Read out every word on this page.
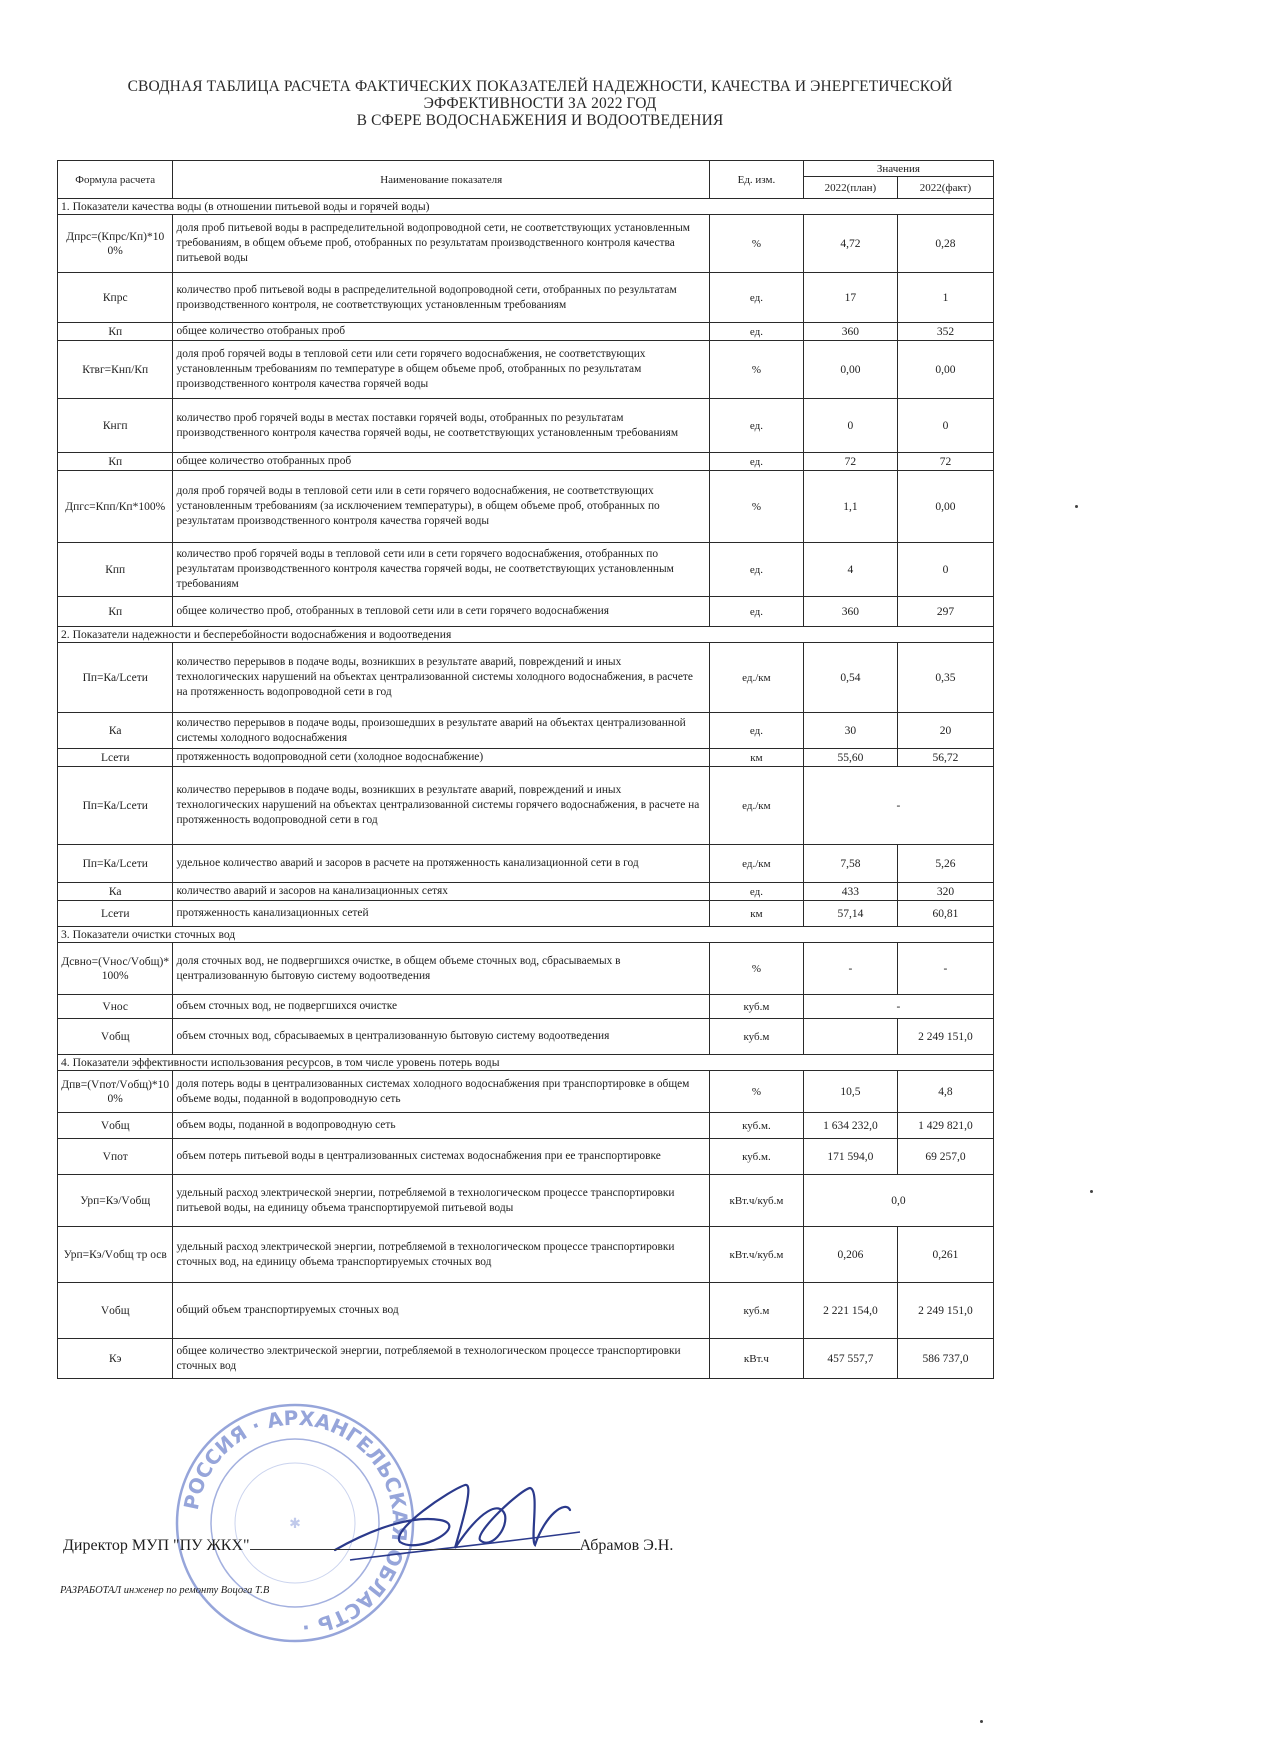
СВОДНАЯ ТАБЛИЦА РАСЧЕТА ФАКТИЧЕСКИХ ПОКАЗАТЕЛЕЙ НАДЕЖНОСТИ, КАЧЕСТВА И ЭНЕРГЕТИЧЕСКОЙ
ЭФФЕКТИВНОСТИ ЗА 2022 ГОД
В СФЕРЕ ВОДОСНАБЖЕНИЯ И ВОДООТВЕДЕНИЯ
Формула расчета	Наименование показателя	Ед. изм.	Значения	
			2022(план)	2022(факт)
1. Показатели качества воды (в отношении питьевой воды и горячей воды)				
Дпрс=(Кпрс/Кп)*100%	доля проб питьевой воды в распределительной водопроводной сети, не соответствующих установленным требованиям, в общем объеме проб, отобранных по результатам производственного контроля качества питьевой воды	%	4,72	0,28
Кпрс	количество проб питьевой воды в распределительной водопроводной сети, отобранных по результатам производственного контроля, не соответствующих установленным требованиям	ед.	17	1
Кп	общее количество отобраных проб	ед.	360	352
Ктвг=Кнп/Кп	доля проб горячей воды в тепловой сети или сети горячего водоснабжения, не соответствующих установленным требованиям по температуре в общем объеме проб, отобранных по результатам производственного контроля качества горячей воды	%	0,00	0,00
Кнгп	количество проб горячей воды в местах поставки горячей воды, отобранных по результатам производственного контроля качества горячей воды, не соответствующих установленным требованиям	ед.	0	0
Кп	общее количество отобранных проб	ед.	72	72
Дпгс=Кпп/Кп*100%	доля проб горячей воды в тепловой сети или в сети горячего водоснабжения, не соответствующих установленным требованиям (за исключением температуры), в общем объеме проб, отобранных по результатам производственного контроля качества горячей воды	%	1,1	0,00
Кпп	количество проб горячей воды в тепловой сети или в сети горячего водоснабжения, отобранных по результатам производственного контроля качества горячей воды, не соответствующих установленным требованиям	ед.	4	0
Кп	общее количество проб, отобранных в тепловой сети или в сети горячего водоснабжения	ед.	360	297
2. Показатели надежности и бесперебойности водоснабжения и водоотведения				
Пп=Ка/Lсети	количество перерывов в подаче воды, возникших в результате аварий, повреждений и иных технологических нарушений на объектах централизованной системы холодного водоснабжения, в расчете на протяженность водопроводной сети в год	ед./км	0,54	0,35
Ка	количество перерывов в подаче воды, произошедших в результате аварий на объектах централизованной системы холодного водоснабжения	ед.	30	20
Lсети	протяженность водопроводной сети (холодное водоснабжение)	км	55,60	56,72
Пп=Ка/Lсети	количество перерывов в подаче воды, возникших в результате аварий, повреждений и иных технологических нарушений на объектах централизованной системы горячего водоснабжения, в расчете на протяженность водопроводной сети в год	ед./км	-	
Пп=Ка/Lсети	удельное количество аварий и засоров в расчете на протяженность канализационной сети в год	ед./км	7,58	5,26
Ка	количество аварий и засоров на канализационных сетях	ед.	433	320
Lсети	протяженность канализационных сетей	км	57,14	60,81
3. Показатели очистки сточных вод				
Дсвно=(Vнос/Vобщ)*100%	доля сточных вод, не подвергшихся очистке, в общем объеме сточных вод, сбрасываемых в централизованную бытовую систему водоотведения	%	-	-
Vнос	объем сточных вод, не подвергшихся очистке	куб.м	-	
Vобщ	объем сточных вод, сбрасываемых в централизованную бытовую систему водоотведения	куб.м		2 249 151,0
4. Показатели эффективности использования ресурсов, в том числе уровень потерь воды				
Дпв=(Vпот/Vобщ)*100%	доля потерь воды в централизованных системах холодного водоснабжения при транспортировке в общем объеме воды, поданной в водопроводную сеть	%	10,5	4,8
Vобщ	объем воды, поданной в водопроводную сеть	куб.м.	1 634 232,0	1 429 821,0
Vпот	объем потерь питьевой воды в централизованных системах водоснабжения при ее транспортировке	куб.м.	171 594,0	69 257,0
Урп=Кэ/Vобщ	удельный расход электрической энергии, потребляемой в технологическом процессе транспортировки питьевой воды, на единицу объема транспортируемой питьевой воды	кВт.ч/куб.м	0,0	
Урп=Кэ/Vобщ тр осв	удельный расход электрической энергии, потребляемой в технологическом процессе транспортировки сточных вод, на единицу объема транспортируемых сточных вод	кВт.ч/куб.м	0,206	0,261
Vобщ	общий объем транспортируемых сточных вод	куб.м	2 221 154,0	2 249 151,0
Кэ	общее количество электрической энергии, потребляемой в технологическом процессе транспортировки сточных вод	кВт.ч	457 557,7	586 737,0
РОССИЯ · АРХАНГЕЛЬСКАЯ ОБЛАСТЬ ·
✱
Директор МУП "ПУ ЖКХ"	Абрамов Э.Н.
РАЗРАБОТАЛ инженер по ремонту Воцога Т.В
